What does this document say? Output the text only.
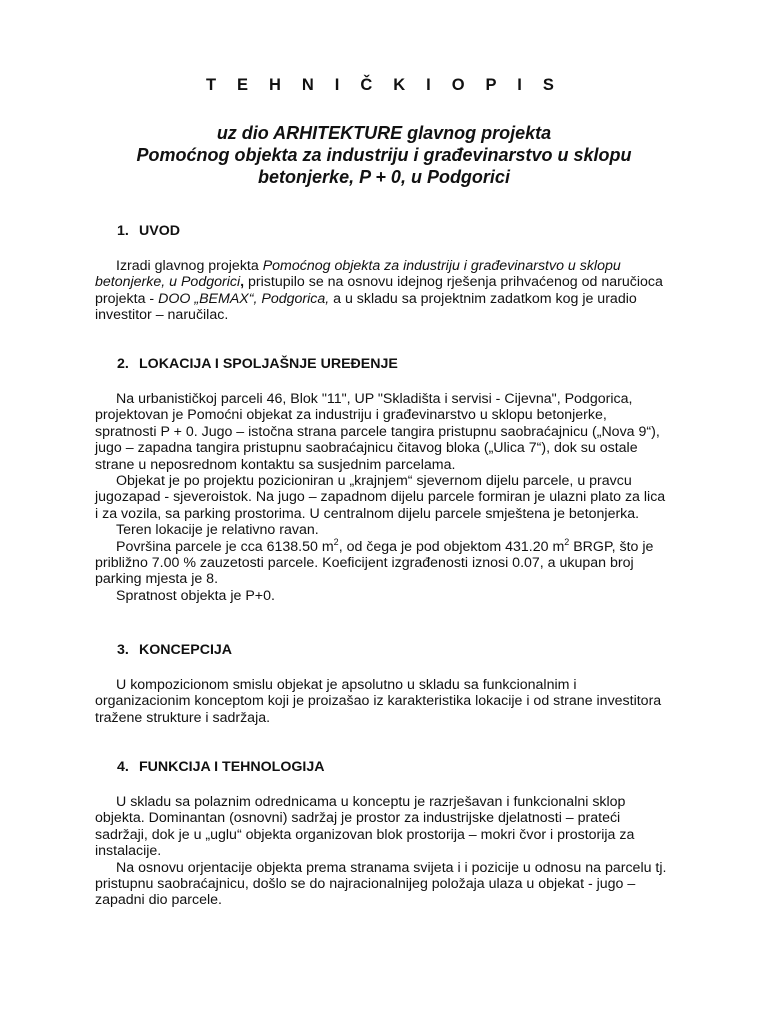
T E H N I Č K I O P I S
uz dio ARHITEKTURE glavnog projekta
Pomoćnog objekta za industriju i građevinarstvo u sklopu
betonjerke, P + 0, u Podgorici
1. UVOD

Izradi glavnog projekta Pomoćnog objekta za industriju i građevinarstvo u sklopu

betonjerke, u Podgorici, pristupilo se na osnovu idejnog rješenja prihvaćenog od naručioca
projekta - DOO „BEMAX“, Podgorica, a u skladu sa projektnim zadatkom kog je uradio
investitor – naručilac.

2. LOKACIJA I SPOLJAŠNJE UREĐENJE

Na urbanističkoj parceli 46, Blok "11", UP "Skladišta i servisi - Cijevna", Podgorica,
projektovan je Pomoćni objekat za industriju i građevinarstvo u sklopu betonjerke,
spratnosti P + 0. Jugo – istočna strana parcele tangira pristupnu saobraćajnicu („Nova 9“),
jugo – zapadna tangira pristupnu saobraćajnicu čitavog bloka („Ulica 7“), dok su ostale
strane u neposrednom kontaktu sa susjednim parcelama.

Objekat je po projektu pozicioniran u „krajnjem“ sjevernom dijelu parcele, u pravcu
jugozapad - sjeveroistok. Na jugo – zapadnom dijelu parcele formiran je ulazni plato za lica
i za vozila, sa parking prostorima. U centralnom dijelu parcele smještena je betonjerka.

Teren lokacije je relativno ravan.

Površina parcele je cca 6138.50 $m^2$, od čega je pod objektom 431.20 $m^2$ BRGP, što je
približno 7.00 % zauzetosti parcele. Koeficijent izgrađenosti iznosi 0.07, a ukupan broj
parking mjesta je 8.

Spratnost objekta je P+0.

3. KONCEPCIJA

U kompozicionom smislu objekat je apsolutno u skladu sa funkcionalnim i
organizacionim konceptom koji je proizašao iz karakteristika lokacije i od strane investitora
tražene strukture i sadržaja.

4. FUNKCIJA I TEHNOLOGIJA

U skladu sa polaznim odrednicama u konceptu je razrješavan i funkcionalni sklop
objekta. Dominantan (osnovni) sadržaj je prostor za industrijske djelatnosti – prateći
sadržaji, dok je u „uglu“ objekta organizovan blok prostorija – mokri čvor i prostorija za
instalacije.

Na osnovu orjentacije objekta prema stranama svijeta i i pozicije u odnosu na parcelu tj.
pristupnu saobraćajnicu, došlo se do najracionalnijeg položaja ulaza u objekat - jugo –
zapadni dio parcele.
